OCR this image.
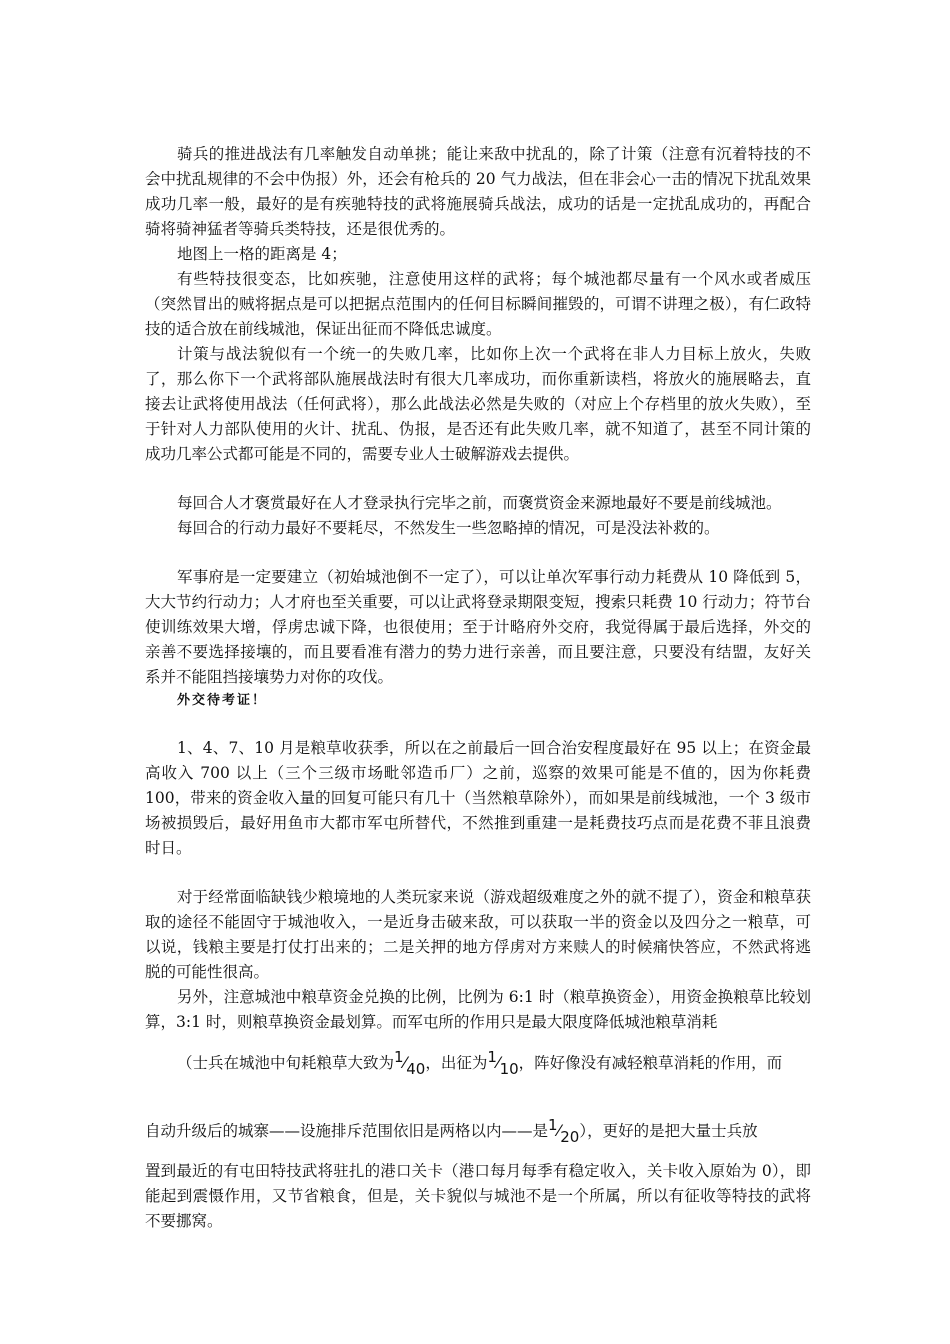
骑兵的推进战法有几率触发自动单挑；能让来敌中扰乱的，除了计策（注意有沉着特技的不会中扰乱规律的不会中伪报）外，还会有枪兵的 20 气力战法，但在非会心一击的情况下扰乱效果成功几率一般，最好的是有疾驰特技的武将施展骑兵战法，成功的话是一定扰乱成功的，再配合骑将骑神猛者等骑兵类特技，还是很优秀的。

地图上一格的距离是 4；

有些特技很变态，比如疾驰，注意使用这样的武将；每个城池都尽量有一个风水或者威压（突然冒出的贼将据点是可以把据点范围内的任何目标瞬间摧毁的，可谓不讲理之极），有仁政特技的适合放在前线城池，保证出征而不降低忠诚度。

计策与战法貌似有一个统一的失败几率，比如你上次一个武将在非人力目标上放火，失败了，那么你下一个武将部队施展战法时有很大几率成功，而你重新读档，将放火的施展略去，直接去让武将使用战法（任何武将），那么此战法必然是失败的（对应上个存档里的放火失败），至于针对人力部队使用的火计、扰乱、伪报，是否还有此失败几率，就不知道了，甚至不同计策的成功几率公式都可能是不同的，需要专业人士破解游戏去提供。

每回合人才褒赏最好在人才登录执行完毕之前，而褒赏资金来源地最好不要是前线城池。

每回合的行动力最好不要耗尽，不然发生一些忽略掉的情况，可是没法补救的。

军事府是一定要建立（初始城池倒不一定了），可以让单次军事行动力耗费从 10 降低到 5，大大节约行动力；人才府也至关重要，可以让武将登录期限变短，搜索只耗费 10 行动力；符节台使训练效果大增，俘虏忠诚下降，也很使用；至于计略府外交府，我觉得属于最后选择，外交的亲善不要选择接壤的，而且要看准有潜力的势力进行亲善，而且要注意，只要没有结盟，友好关系并不能阻挡接壤势力对你的攻伐。

外交待考证！

1、4、7、10 月是粮草收获季，所以在之前最后一回合治安程度最好在 95 以上；在资金最高收入 700 以上（三个三级市场毗邻造币厂）之前，巡察的效果可能是不值的，因为你耗费 100，带来的资金收入量的回复可能只有几十（当然粮草除外），而如果是前线城池，一个 3 级市场被损毁后，最好用鱼市大都市军屯所替代，不然推到重建一是耗费技巧点而是花费不菲且浪费时日。

对于经常面临缺钱少粮境地的人类玩家来说（游戏超级难度之外的就不提了），资金和粮草获取的途径不能固守于城池收入，一是近身击破来敌，可以获取一半的资金以及四分之一粮草，可以说，钱粮主要是打仗打出来的；二是关押的地方俘虏对方来赎人的时候痛快答应，不然武将逃脱的可能性很高。

另外，注意城池中粮草资金兑换的比例，比例为 6:1 时（粮草换资金），用资金换粮草比较划算，3:1 时，则粮草换资金最划算。而军屯所的作用只是最大限度降低城池粮草消耗

（士兵在城池中旬耗粮草大致为$^1⁄_{40}$，出征为$^1⁄_{10}$，阵好像没有减轻粮草消耗的作用，而

自动升级后的城寨——设施排斥范围依旧是两格以内——是$^1⁄_{20}$），更好的是把大量士兵放

置到最近的有屯田特技武将驻扎的港口关卡（港口每月每季有稳定收入，关卡收入原始为 0），即能起到震慑作用，又节省粮食，但是，关卡貌似与城池不是一个所属，所以有征收等特技的武将不要挪窝。
